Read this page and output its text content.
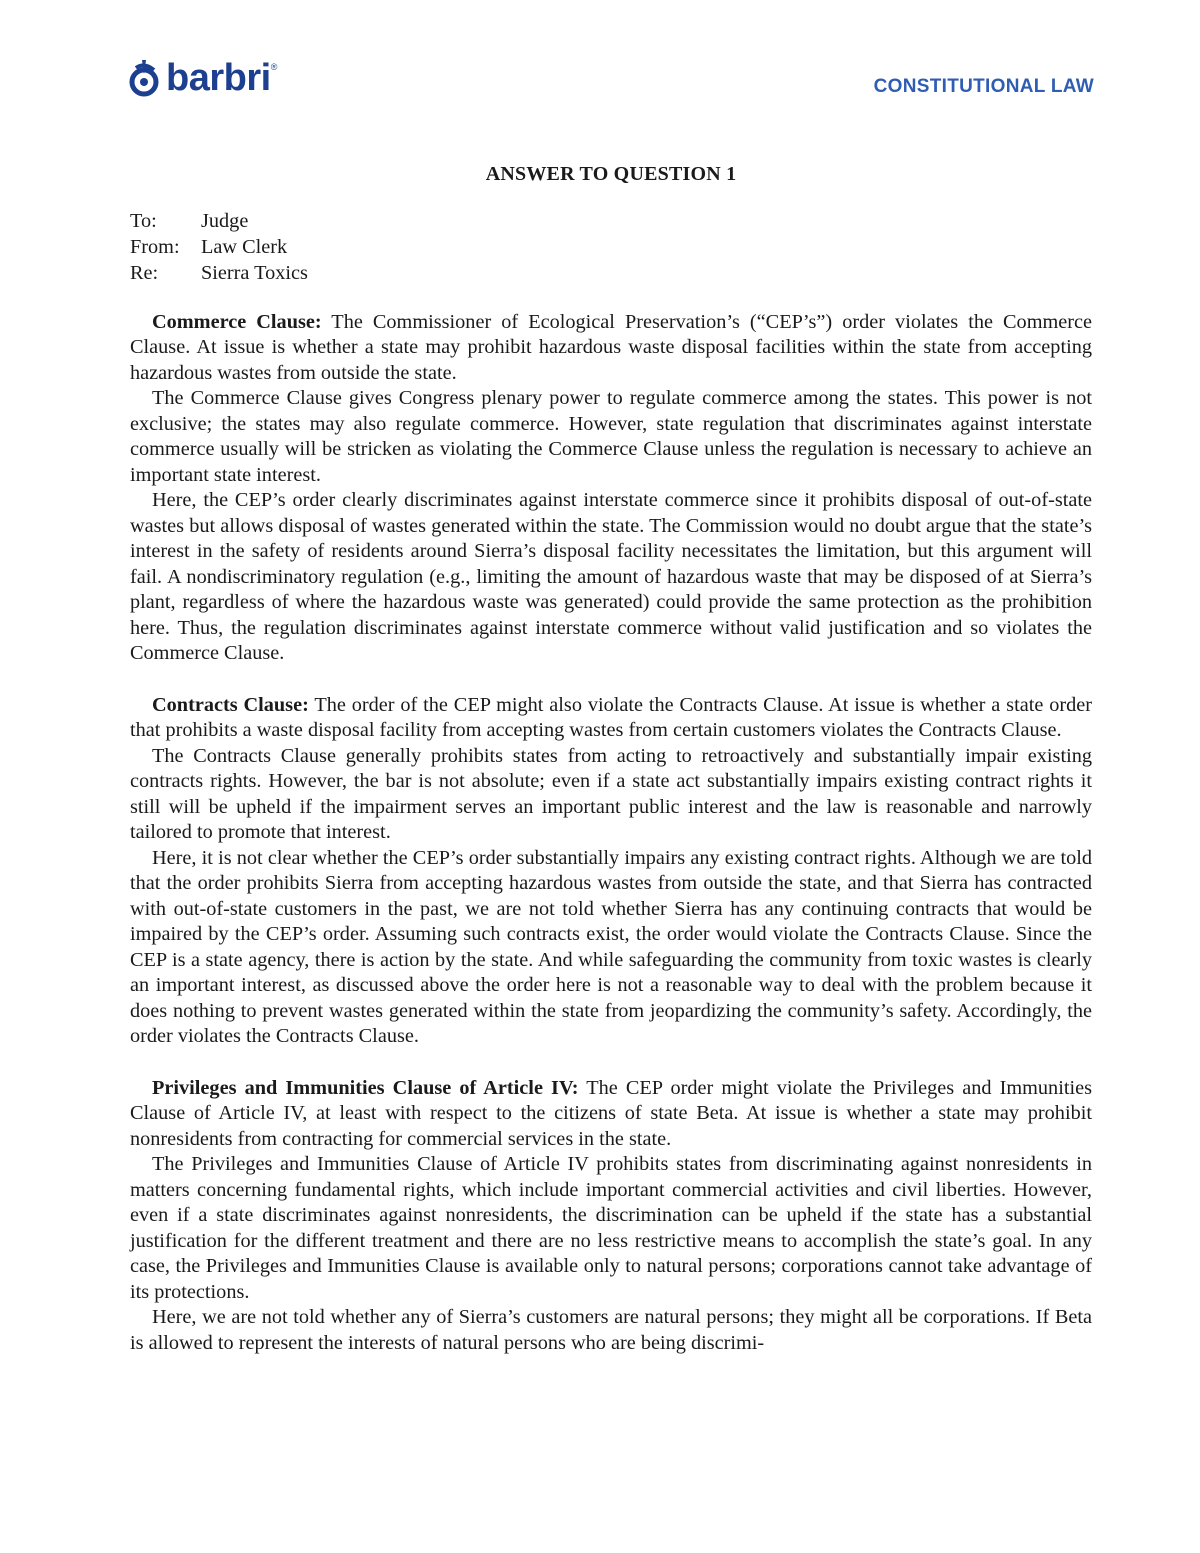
barbri ®
CONSTITUTIONAL LAW
ANSWER TO QUESTION 1
To:	Judge
From:	Law Clerk
Re:	Sierra Toxics

Commerce Clause: The Commissioner of Ecological Preservation’s (“CEP’s”) order violates the Commerce Clause. At issue is whether a state may prohibit hazardous waste disposal facilities within the state from accepting hazardous wastes from outside the state.

The Commerce Clause gives Congress plenary power to regulate commerce among the states. This power is not exclusive; the states may also regulate commerce. However, state regulation that discriminates against interstate commerce usually will be stricken as violating the Commerce Clause unless the regulation is necessary to achieve an important state interest.

Here, the CEP’s order clearly discriminates against interstate commerce since it prohibits disposal of out-of-state wastes but allows disposal of wastes generated within the state. The Commission would no doubt argue that the state’s interest in the safety of residents around Sierra’s disposal facility necessitates the limitation, but this argument will fail. A nondiscriminatory regulation (e.g., limiting the amount of hazardous waste that may be disposed of at Sierra’s plant, regardless of where the hazardous waste was generated) could provide the same protection as the prohibition here. Thus, the regulation discriminates against interstate commerce without valid justification and so violates the Commerce Clause.

Contracts Clause: The order of the CEP might also violate the Contracts Clause. At issue is whether a state order that prohibits a waste disposal facility from accepting wastes from certain customers violates the Contracts Clause.

The Contracts Clause generally prohibits states from acting to retroactively and substantially impair existing contracts rights. However, the bar is not absolute; even if a state act substantially impairs existing contract rights it still will be upheld if the impairment serves an important public interest and the law is reasonable and narrowly tailored to promote that interest.

Here, it is not clear whether the CEP’s order substantially impairs any existing contract rights. Although we are told that the order prohibits Sierra from accepting hazardous wastes from outside the state, and that Sierra has contracted with out-of-state customers in the past, we are not told whether Sierra has any continuing contracts that would be impaired by the CEP’s order. Assuming such contracts exist, the order would violate the Contracts Clause. Since the CEP is a state agency, there is action by the state. And while safeguarding the community from toxic wastes is clearly an important interest, as discussed above the order here is not a reasonable way to deal with the problem because it does nothing to prevent wastes generated within the state from jeopardizing the community’s safety. Accordingly, the order violates the Contracts Clause.

Privileges and Immunities Clause of Article IV: The CEP order might violate the Privileges and Immunities Clause of Article IV, at least with respect to the citizens of state Beta. At issue is whether a state may prohibit nonresidents from contracting for commercial services in the state.

The Privileges and Immunities Clause of Article IV prohibits states from discriminating against nonresidents in matters concerning fundamental rights, which include important commercial activities and civil liberties. However, even if a state discriminates against nonresidents, the discrimination can be upheld if the state has a substantial justification for the different treatment and there are no less restrictive means to accomplish the state’s goal. In any case, the Privileges and Immunities Clause is available only to natural persons; corporations cannot take advantage of its protections.

Here, we are not told whether any of Sierra’s customers are natural persons; they might all be corporations. If Beta is allowed to represent the interests of natural persons who are being discrimi-
